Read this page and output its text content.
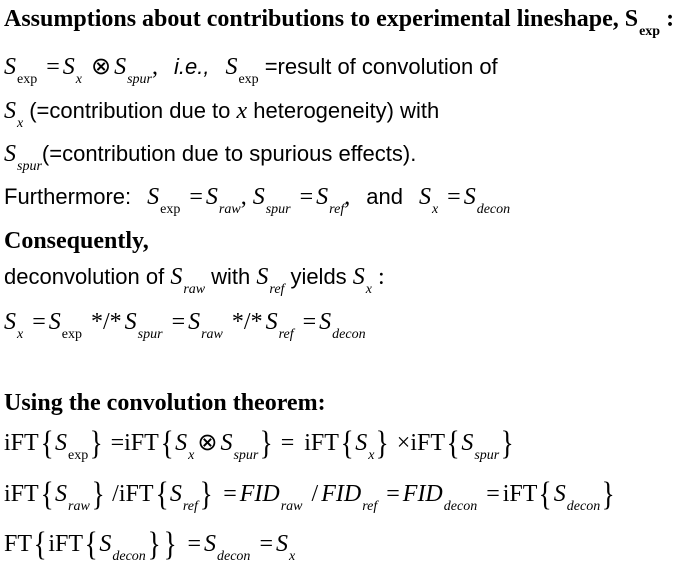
Assumptions about contributions to experimental lineshape, $S_{exp}$ :
$S_{exp} = S_x$ ⊗ $S_{spur}$, i.e., $S_{exp}$ =result of convolution of
$S_x$ (=contribution due to x heterogeneity) with
$S_{spur}(=contribution$ due to spurious effects).
Furthermore: $S_{exp} = S_{raw}$, $S_{spur} = S_{ref}$, and $S_x = S_{decon}$
Consequently,
deconvolution of $S_{raw}$ with $S_{ref}$ yields $S_x$ :
$S_x = S_{exp}$ */* $S_{spur} = S_{raw}$ */* $S_{ref} = S_{decon}$
Using the convolution theorem:
$iFT\{S_{exp}\} =iFT\{S_x$ ⊗ $S_{spur}\} = iFT\{S_x\} \times iFT\{S_{spur}\}$
$iFT\{S_{raw}\} /iFT\{S_{ref}\} = FID_{raw} / FID_{ref} = FID_{decon} = iFT\{S_{decon}\}$
$FT\{iFT\{S_{decon}\}\} = S_{decon} = S_x$
